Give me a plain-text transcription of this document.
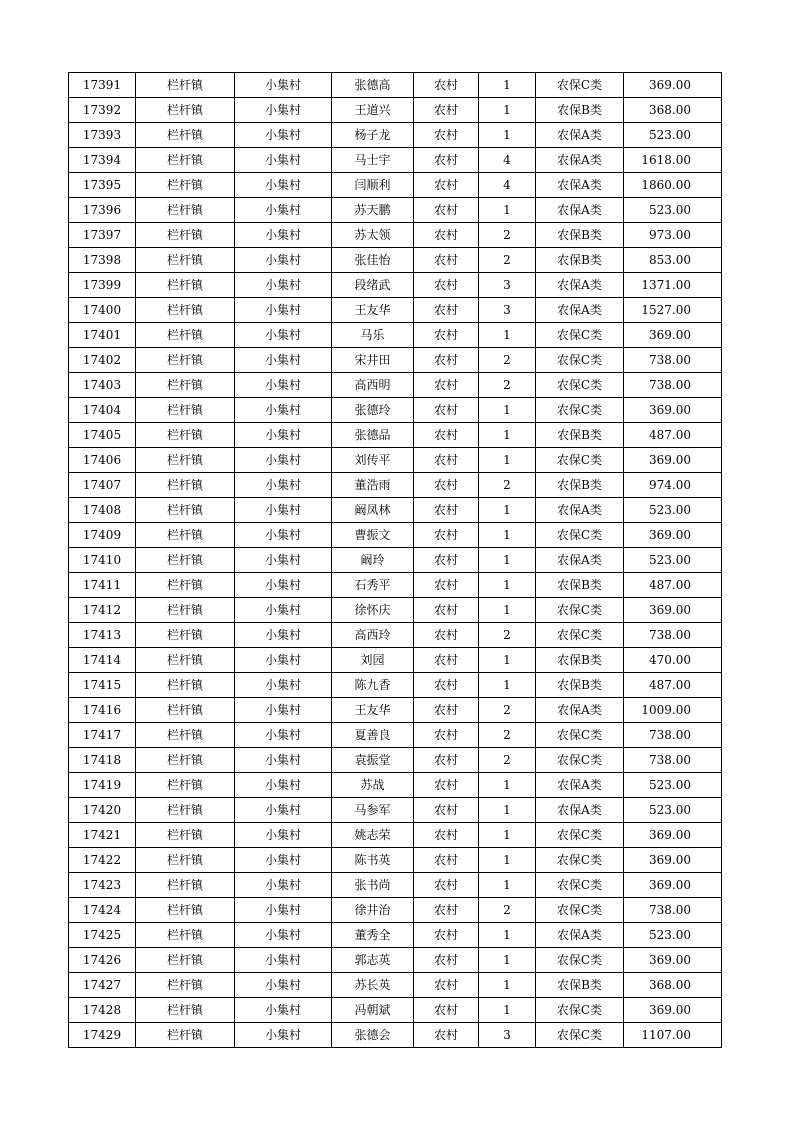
17391	栏杆镇	小集村	张德高	农村	1	农保C类	369.00
17392	栏杆镇	小集村	王道兴	农村	1	农保B类	368.00
17393	栏杆镇	小集村	杨子龙	农村	1	农保A类	523.00
17394	栏杆镇	小集村	马士宇	农村	4	农保A类	1618.00
17395	栏杆镇	小集村	闫顺利	农村	4	农保A类	1860.00
17396	栏杆镇	小集村	苏天鹏	农村	1	农保A类	523.00
17397	栏杆镇	小集村	苏太领	农村	2	农保B类	973.00
17398	栏杆镇	小集村	张佳怡	农村	2	农保B类	853.00
17399	栏杆镇	小集村	段绪武	农村	3	农保A类	1371.00
17400	栏杆镇	小集村	王友华	农村	3	农保A类	1527.00
17401	栏杆镇	小集村	马乐	农村	1	农保C类	369.00
17402	栏杆镇	小集村	宋井田	农村	2	农保C类	738.00
17403	栏杆镇	小集村	高西明	农村	2	农保C类	738.00
17404	栏杆镇	小集村	张德玲	农村	1	农保C类	369.00
17405	栏杆镇	小集村	张德品	农村	1	农保B类	487.00
17406	栏杆镇	小集村	刘传平	农村	1	农保C类	369.00
17407	栏杆镇	小集村	董浩雨	农村	2	农保B类	974.00
17408	栏杆镇	小集村	阚凤林	农村	1	农保A类	523.00
17409	栏杆镇	小集村	曹振文	农村	1	农保C类	369.00
17410	栏杆镇	小集村	阚玲	农村	1	农保A类	523.00
17411	栏杆镇	小集村	石秀平	农村	1	农保B类	487.00
17412	栏杆镇	小集村	徐怀庆	农村	1	农保C类	369.00
17413	栏杆镇	小集村	高西玲	农村	2	农保C类	738.00
17414	栏杆镇	小集村	刘园	农村	1	农保B类	470.00
17415	栏杆镇	小集村	陈九香	农村	1	农保B类	487.00
17416	栏杆镇	小集村	王友华	农村	2	农保A类	1009.00
17417	栏杆镇	小集村	夏善良	农村	2	农保C类	738.00
17418	栏杆镇	小集村	袁振堂	农村	2	农保C类	738.00
17419	栏杆镇	小集村	苏战	农村	1	农保A类	523.00
17420	栏杆镇	小集村	马参军	农村	1	农保A类	523.00
17421	栏杆镇	小集村	姚志荣	农村	1	农保C类	369.00
17422	栏杆镇	小集村	陈书英	农村	1	农保C类	369.00
17423	栏杆镇	小集村	张书尚	农村	1	农保C类	369.00
17424	栏杆镇	小集村	徐井治	农村	2	农保C类	738.00
17425	栏杆镇	小集村	董秀全	农村	1	农保A类	523.00
17426	栏杆镇	小集村	郭志英	农村	1	农保C类	369.00
17427	栏杆镇	小集村	苏长英	农村	1	农保B类	368.00
17428	栏杆镇	小集村	冯朝斌	农村	1	农保C类	369.00
17429	栏杆镇	小集村	张德会	农村	3	农保C类	1107.00
